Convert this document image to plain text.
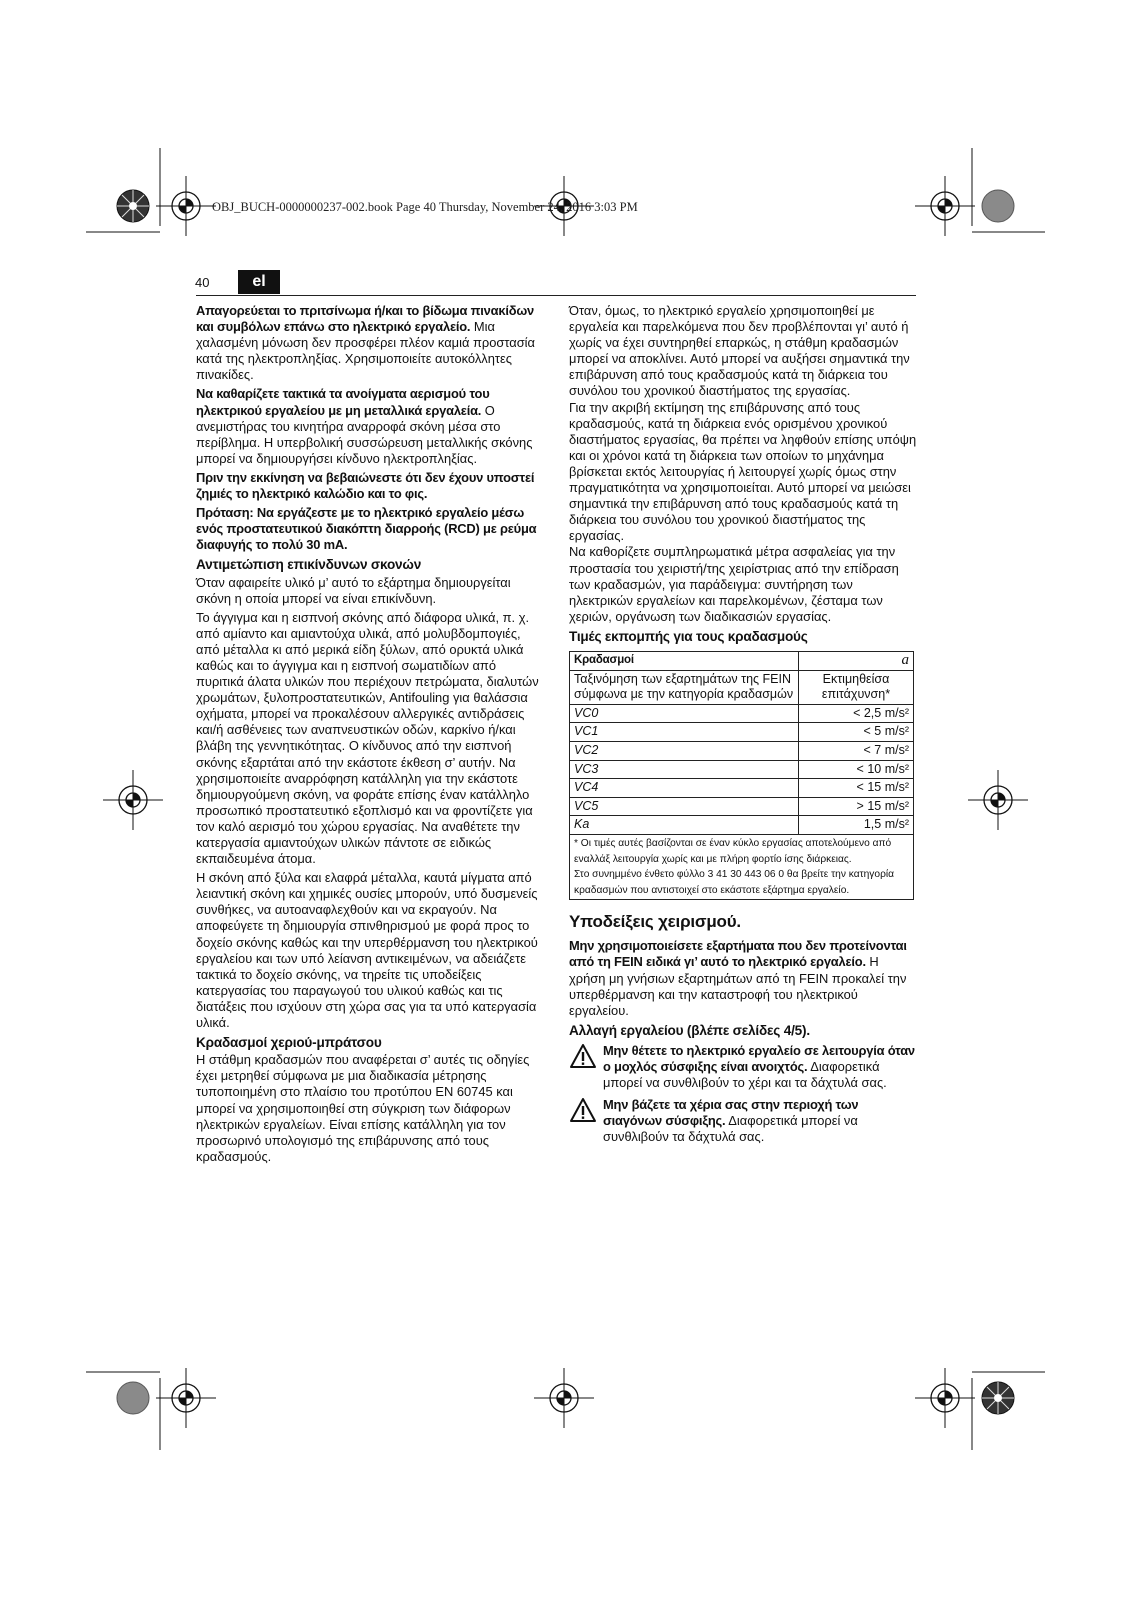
OBJ_BUCH-0000000237-002.book Page 40 Thursday, November 24, 2016 3:03 PM
40	el

Απαγορεύεται το πριτσίνωμα ή/και το βίδωμα πινακίδων και συμβόλων επάνω στο ηλεκτρικό εργαλείο. Μια χαλασμένη μόνωση δεν προσφέρει πλέον καμιά προστασία κατά της ηλεκτροπληξίας. Χρησιμοποιείτε αυτοκόλλητες πινακίδες.

Να καθαρίζετε τακτικά τα ανοίγματα αερισμού του ηλεκτρικού εργαλείου με μη μεταλλικά εργαλεία. Ο ανεμιστήρας του κινητήρα αναρροφά σκόνη μέσα στο περίβλημα. Η υπερβολική συσσώρευση μεταλλικής σκόνης μπορεί να δημιουργήσει κίνδυνο ηλεκτροπληξίας.

Πριν την εκκίνηση να βεβαιώνεστε ότι δεν έχουν υποστεί ζημιές το ηλεκτρικό καλώδιο και το φις.

Πρόταση: Να εργάζεστε με το ηλεκτρικό εργαλείο μέσω ενός προστατευτικού διακόπτη διαρροής (RCD) με ρεύμα διαφυγής το πολύ 30 mA.

Αντιμετώπιση επικίνδυνων σκονών

Όταν αφαιρείτε υλικό μ’ αυτό το εξάρτημα δημιουργείται σκόνη η οποία μπορεί να είναι επικίνδυνη.

Το άγγιγμα και η εισπνοή σκόνης από διάφορα υλικά, π. χ. από αμίαντο και αμιαντούχα υλικά, από μολυβδομπογιές, από μέταλλα κι από μερικά είδη ξύλων, από ορυκτά υλικά καθώς και το άγγιγμα και η εισπνοή σωματιδίων από πυριτικά άλατα υλικών που περιέχουν πετρώματα, διαλυτών χρωμάτων, ξυλοπροστατευτικών, Antifouling για θαλάσσια οχήματα, μπορεί να προκαλέσουν αλλεργικές αντιδράσεις και/ή ασθένειες των αναπνευστικών οδών, καρκίνο ή/και βλάβη της γεννητικότητας. Ο κίνδυνος από την εισπνοή σκόνης εξαρτάται από την εκάστοτε έκθεση σ’ αυτήν. Να χρησιμοποιείτε αναρρόφηση κατάλληλη για την εκάστοτε δημιουργούμενη σκόνη, να φοράτε επίσης έναν κατάλληλο προσωπικό προστατευτικό εξοπλισμό και να φροντίζετε για τον καλό αερισμό του χώρου εργασίας. Να αναθέτετε την κατεργασία αμιαντούχων υλικών πάντοτε σε ειδικώς εκπαιδευμένα άτομα.

Η σκόνη από ξύλα και ελαφρά μέταλλα, καυτά μίγματα από λειαντική σκόνη και χημικές ουσίες μπορούν, υπό δυσμενείς συνθήκες, να αυτοαναφλεχθούν και να εκραγούν. Να αποφεύγετε τη δημιουργία σπινθηρισμού με φορά προς το δοχείο σκόνης καθώς και την υπερθέρμανση του ηλεκτρικού εργαλείου και των υπό λείανση αντικειμένων, να αδειάζετε τακτικά το δοχείο σκόνης, να τηρείτε τις υποδείξεις κατεργασίας του παραγωγού του υλικού καθώς και τις διατάξεις που ισχύουν στη χώρα σας για τα υπό κατεργασία υλικά.

Κραδασμοί χεριού-μπράτσου

Η στάθμη κραδασμών που αναφέρεται σ’ αυτές τις οδηγίες έχει μετρηθεί σύμφωνα με μια διαδικασία μέτρησης τυποποιημένη στο πλαίσιο του προτύπου EN 60745 και μπορεί να χρησιμοποιηθεί στη σύγκριση των διάφορων ηλεκτρικών εργαλείων. Είναι επίσης κατάλληλη για τον προσωρινό υπολογισμό της επιβάρυνσης από τους κραδασμούς.

Όταν, όμως, το ηλεκτρικό εργαλείο χρησιμοποιηθεί με εργαλεία και παρελκόμενα που δεν προβλέπονται γι’ αυτό ή χωρίς να έχει συντηρηθεί επαρκώς, η στάθμη κραδασμών μπορεί να αποκλίνει. Αυτό μπορεί να αυξήσει σημαντικά την επιβάρυνση από τους κραδασμούς κατά τη διάρκεια του συνόλου του χρονικού διαστήματος της εργασίας.

Για την ακριβή εκτίμηση της επιβάρυνσης από τους κραδασμούς, κατά τη διάρκεια ενός ορισμένου χρονικού διαστήματος εργασίας, θα πρέπει να ληφθούν επίσης υπόψη και οι χρόνοι κατά τη διάρκεια των οποίων το μηχάνημα βρίσκεται εκτός λειτουργίας ή λειτουργεί χωρίς όμως στην πραγματικότητα να χρησιμοποιείται. Αυτό μπορεί να μειώσει σημαντικά την επιβάρυνση από τους κραδασμούς κατά τη διάρκεια του συνόλου του χρονικού διαστήματος της εργασίας.

Να καθορίζετε συμπληρωματικά μέτρα ασφαλείας για την προστασία του χειριστή/της χειρίστριας από την επίδραση των κραδασμών, για παράδειγμα: συντήρηση των ηλεκτρικών εργαλείων και παρελκομένων, ζέσταμα των χεριών, οργάνωση των διαδικασιών εργασίας.

Τιμές εκπομπής για τους κραδασμούς
Κραδασμοί	a
Ταξινόμηση των εξαρτημάτων της FEIN σύμφωνα με την κατηγορία κραδασμών	Εκτιμηθείσα επιτάχυνση*
VC0	< 2,5 m/s²
VC1	< 5 m/s²
VC2	< 7 m/s²
VC3	< 10 m/s²
VC4	< 15 m/s²
VC5	> 15 m/s²
Ka	1,5 m/s²

* Οι τιμές αυτές βασίζονται σε έναν κύκλο εργασίας αποτελούμενο από εναλλάξ λειτουργία χωρίς και με πλήρη φορτίο ίσης διάρκειας.
Στο συνημμένο ένθετο φύλλο 3 41 30 443 06 0 θα βρείτε την κατηγορία κραδασμών που αντιστοιχεί στο εκάστοτε εξάρτημα εργαλείο.	
Υποδείξεις χειρισμού.

Μην χρησιμοποιείσετε εξαρτήματα που δεν προτείνονται από τη FEIN ειδικά γι’ αυτό το ηλεκτρικό εργαλείο. Η χρήση μη γνήσιων εξαρτημάτων από τη FEIN προκαλεί την υπερθέρμανση και την καταστροφή του ηλεκτρικού εργαλείου.

Αλλαγή εργαλείου (βλέπε σελίδες 4/5).
Μην θέτετε το ηλεκτρικό εργαλείο σε λειτουργία όταν ο μοχλός σύσφιξης είναι ανοιχτός. Διαφορετικά μπορεί να συνθλιβούν το χέρι και τα δάχτυλά σας.
Μην βάζετε τα χέρια σας στην περιοχή των σιαγόνων σύσφιξης. Διαφορετικά μπορεί να συνθλιβούν τα δάχτυλά σας.
